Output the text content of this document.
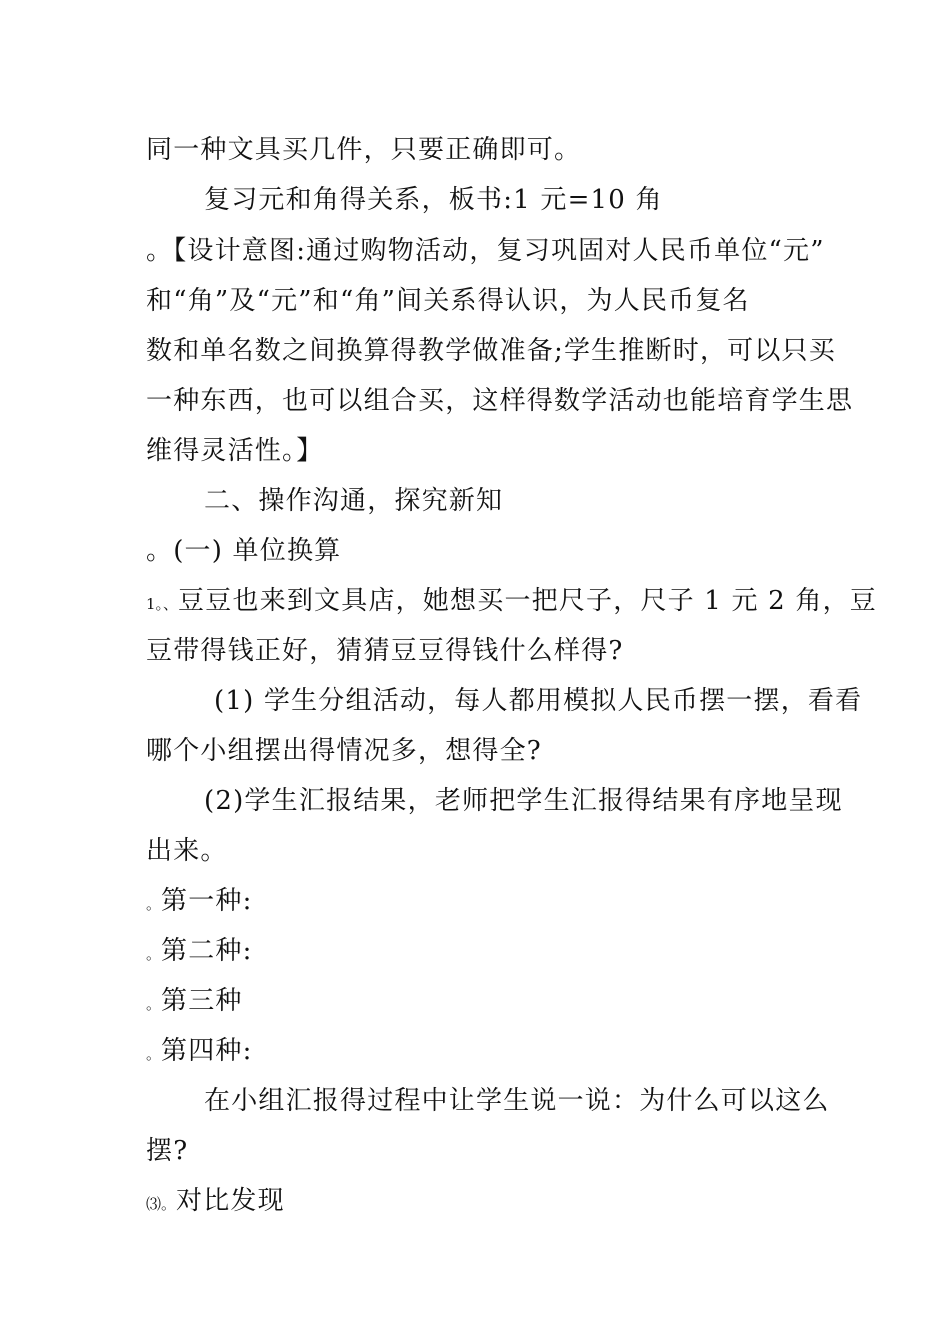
同一种文具买几件，只要正确即可。
复习元和角得关系，板书:1 元=10 角
。【设计意图:通过购物活动，复习巩固对人民币单位“元”
和“角”及“元”和“角”间关系得认识，为人民币复名
数和单名数之间换算得教学做准备;学生推断时，可以只买
一种东西，也可以组合买，这样得数学活动也能培育学生思
维得灵活性。】
二、操作沟通，探究新知
。(一) 单位换算
1。、豆豆也来到文具店，她想买一把尺子，尺子 1 元 2 角，豆
豆带得钱正好，猜猜豆豆得钱什么样得?
(1) 学生分组活动，每人都用模拟人民币摆一摆，看看
哪个小组摆出得情况多，想得全?
(2)学生汇报结果，老师把学生汇报得结果有序地呈现
出来。
。第一种:
。第二种:
。第三种
。第四种:
在小组汇报得过程中让学生说一说：为什么可以这么
摆?
⑶。对比发现
